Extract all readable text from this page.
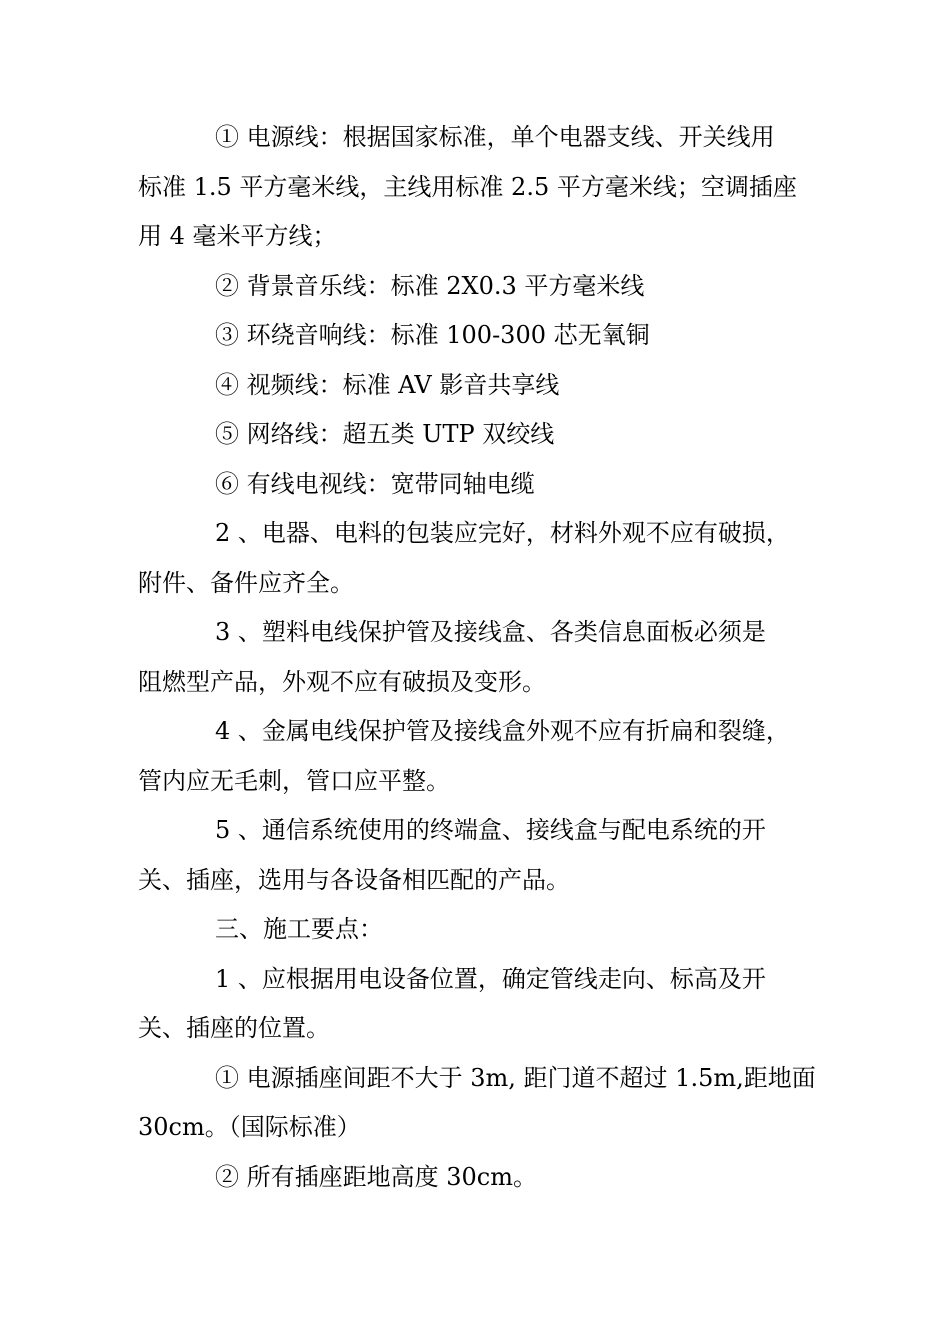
① 电源线：根据国家标准，单个电器支线、开关线用
标准 1.5 平方毫米线，主线用标准 2.5 平方毫米线；空调插座
用 4 毫米平方线；
② 背景音乐线：标准 2X0.3 平方毫米线
③ 环绕音响线：标准 100-300 芯无氧铜
④ 视频线：标准 AV 影音共享线
⑤ 网络线：超五类 UTP 双绞线
⑥ 有线电视线：宽带同轴电缆
2 、电器、电料的包装应完好，材料外观不应有破损，
附件、备件应齐全。
3 、塑料电线保护管及接线盒、各类信息面板必须是
阻燃型产品，外观不应有破损及变形。
4 、金属电线保护管及接线盒外观不应有折扁和裂缝，
管内应无毛刺，管口应平整。
5 、通信系统使用的终端盒、接线盒与配电系统的开
关、插座，选用与各设备相匹配的产品。
三、施工要点：
1 、应根据用电设备位置，确定管线走向、标高及开
关、插座的位置。
① 电源插座间距不大于 3m, 距门道不超过 1.5m,距地面
30cm。（国际标准）
② 所有插座距地高度 30cm。
